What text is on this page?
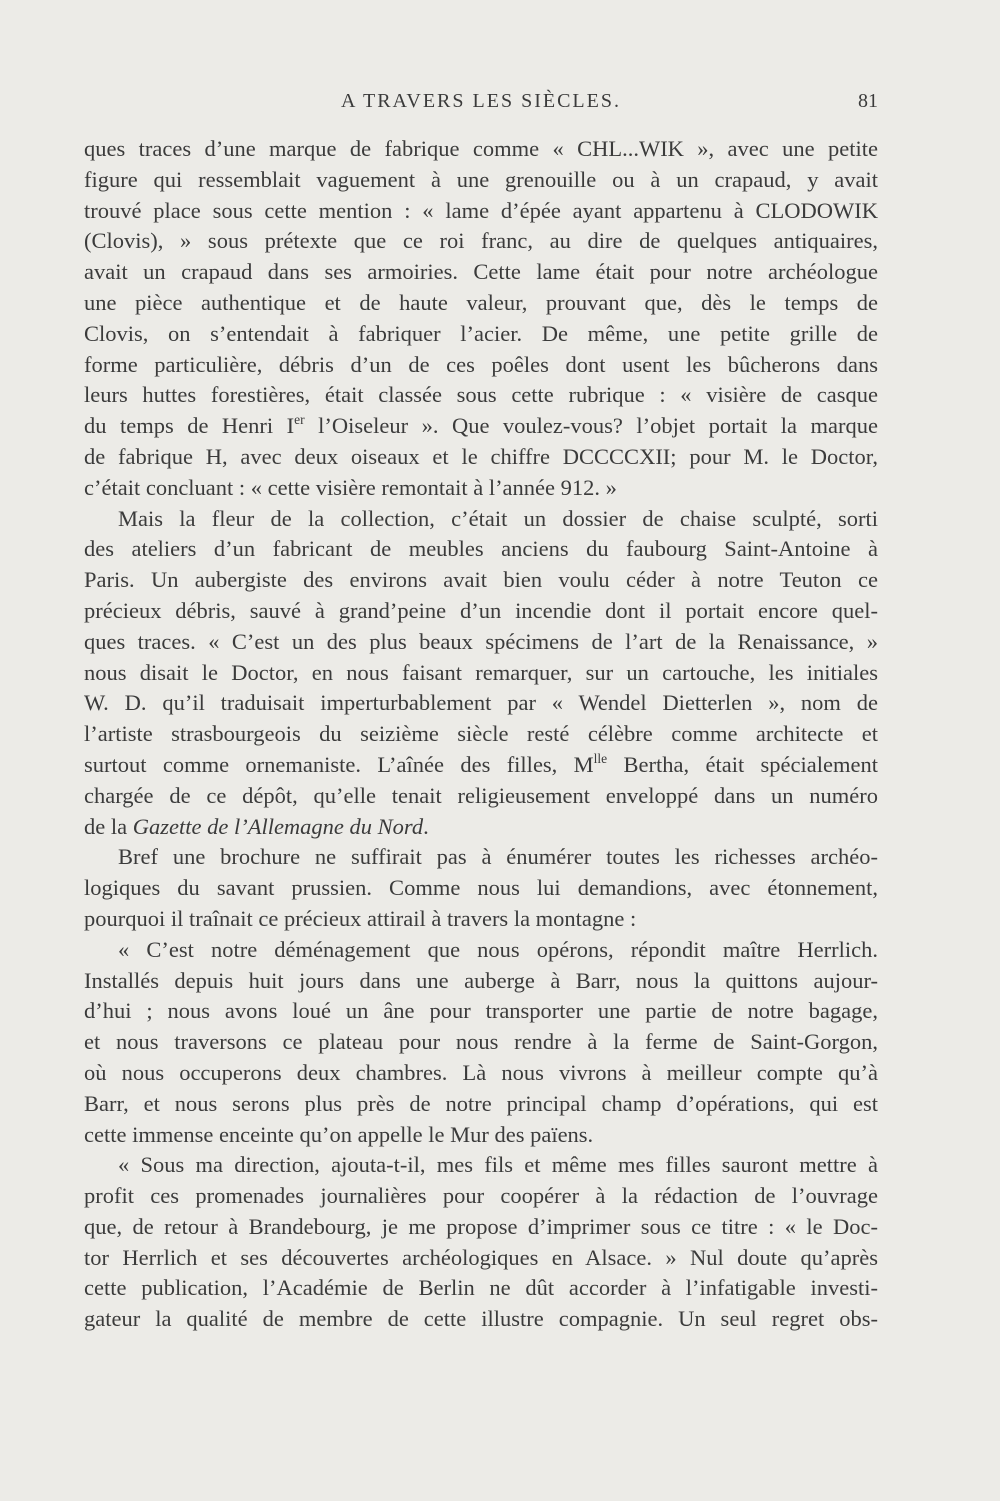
A TRAVERS LES SIÈCLES.	81
ques traces d’une marque de fabrique comme « CHL...WIK », avec une petite
figure qui ressemblait vaguement à une grenouille ou à un crapaud, y avait
trouvé place sous cette mention : « lame d’épée ayant appartenu à CLODOWIK
(Clovis), » sous prétexte que ce roi franc, au dire de quelques antiquaires,
avait un crapaud dans ses armoiries. Cette lame était pour notre archéologue
une pièce authentique et de haute valeur, prouvant que, dès le temps de
Clovis, on s’entendait à fabriquer l’acier. De même, une petite grille de
forme particulière, débris d’un de ces poêles dont usent les bûcherons dans
leurs huttes forestières, était classée sous cette rubrique : « visière de casque
du temps de Henri Ier l’Oiseleur ». Que voulez-vous? l’objet portait la marque
de fabrique H, avec deux oiseaux et le chiffre DCCCCXII; pour M. le Doctor,
c’était concluant : « cette visière remontait à l’année 912. »
Mais la fleur de la collection, c’était un dossier de chaise sculpté, sorti
des ateliers d’un fabricant de meubles anciens du faubourg Saint-Antoine à
Paris. Un aubergiste des environs avait bien voulu céder à notre Teuton ce
précieux débris, sauvé à grand’peine d’un incendie dont il portait encore quel-
ques traces. « C’est un des plus beaux spécimens de l’art de la Renaissance, »
nous disait le Doctor, en nous faisant remarquer, sur un cartouche, les initiales
W. D. qu’il traduisait imperturbablement par « Wendel Dietterlen », nom de
l’artiste strasbourgeois du seizième siècle resté célèbre comme architecte et
surtout comme ornemaniste. L’aînée des filles, $M^{lle}$ Bertha, était spécialement
chargée de ce dépôt, qu’elle tenait religieusement enveloppé dans un numéro
de la Gazette de l’Allemagne du Nord.
Bref une brochure ne suffirait pas à énumérer toutes les richesses archéo-
logiques du savant prussien. Comme nous lui demandions, avec étonnement,
pourquoi il traînait ce précieux attirail à travers la montagne :
« C’est notre déménagement que nous opérons, répondit maître Herrlich.
Installés depuis huit jours dans une auberge à Barr, nous la quittons aujour-
d’hui ; nous avons loué un âne pour transporter une partie de notre bagage,
et nous traversons ce plateau pour nous rendre à la ferme de Saint-Gorgon,
où nous occuperons deux chambres. Là nous vivrons à meilleur compte qu’à
Barr, et nous serons plus près de notre principal champ d’opérations, qui est
cette immense enceinte qu’on appelle le Mur des païens.
« Sous ma direction, ajouta-t-il, mes fils et même mes filles sauront mettre à
profit ces promenades journalières pour coopérer à la rédaction de l’ouvrage
que, de retour à Brandebourg, je me propose d’imprimer sous ce titre : « le Doc-
tor Herrlich et ses découvertes archéologiques en Alsace. » Nul doute qu’après
cette publication, l’Académie de Berlin ne dût accorder à l’infatigable investi-
gateur la qualité de membre de cette illustre compagnie. Un seul regret obs-
